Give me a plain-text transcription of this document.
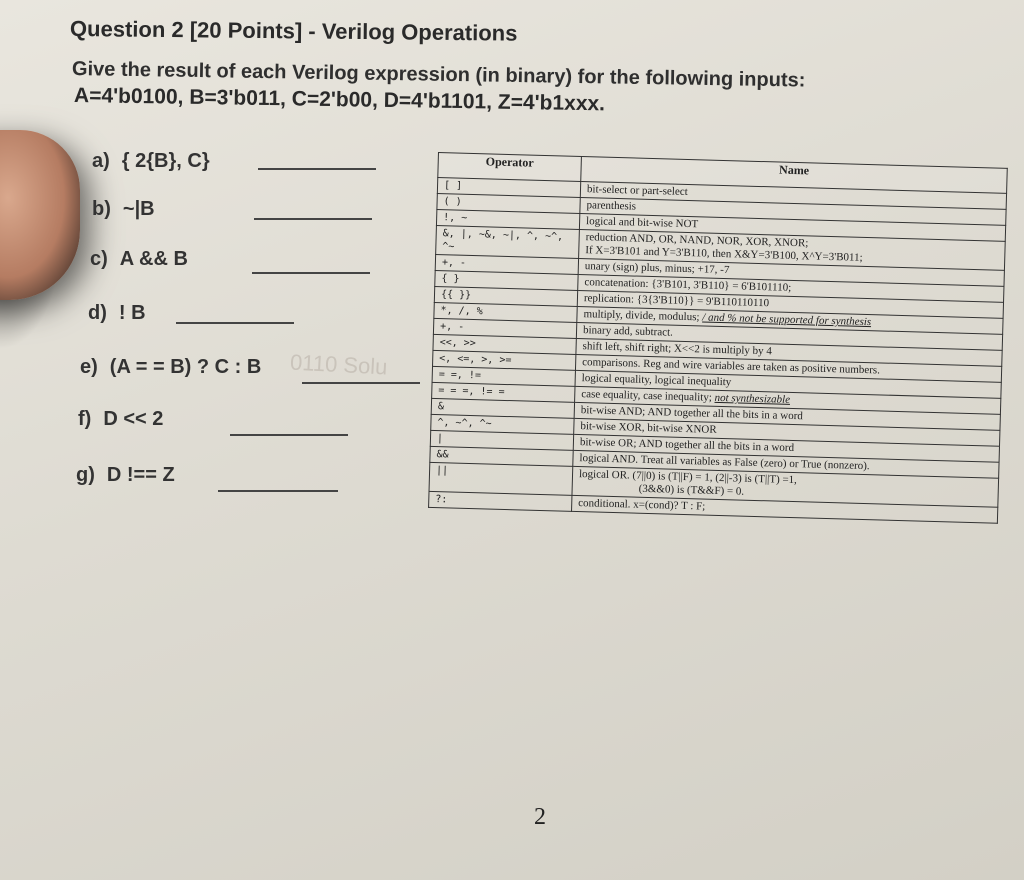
Question 2 [20 Points] - Verilog Operations
Give the result of each Verilog expression (in binary) for the following inputs:
A=4'b0100, B=3'b011, C=2'b00, D=4'b1101, Z=4'b1xxx.
a) { 2{B}, C}
b) ~|B
c) A && B
d) ! B
e) (A = = B) ? C : B 0110 Solu
f) D << 2
g) D !== Z
Operator	Name
[ ]	bit-select or part-select
( )	parenthesis
!, ~	logical and bit-wise NOT
&, |, ~&, ~|, ^, ~^, ^~	reduction AND, OR, NAND, NOR, XOR, XNOR;
If X=3'B101 and Y=3'B110, then X&Y=3'B100, X^Y=3'B011;

+, -	unary (sign) plus, minus; +17, -7
{ }	concatenation: {3'B101, 3'B110} = 6'B101110;
{{ }}	replication: {3{3'B110}} = 9'B110110110
*, /, %	multiply, divide, modulus; / and % not be supported for synthesis
+, -	binary add, subtract.
<<, >>	shift left, shift right; X<<2 is multiply by 4
<, <=, >, >=	comparisons. Reg and wire variables are taken as positive numbers.
= =, !=	logical equality, logical inequality
= = =, != =	case equality, case inequality; not synthesizable
&	bit-wise AND; AND together all the bits in a word
^, ~^, ^~	bit-wise XOR, bit-wise XNOR
|	bit-wise OR; AND together all the bits in a word
&&	logical AND. Treat all variables as False (zero) or True (nonzero).
||	logical OR. (7||0) is (T||F) = 1, (2||-3) is (T||T) =1,
(3&&0) is (T&&F) = 0.

?:	conditional. x=(cond)? T : F;
2
